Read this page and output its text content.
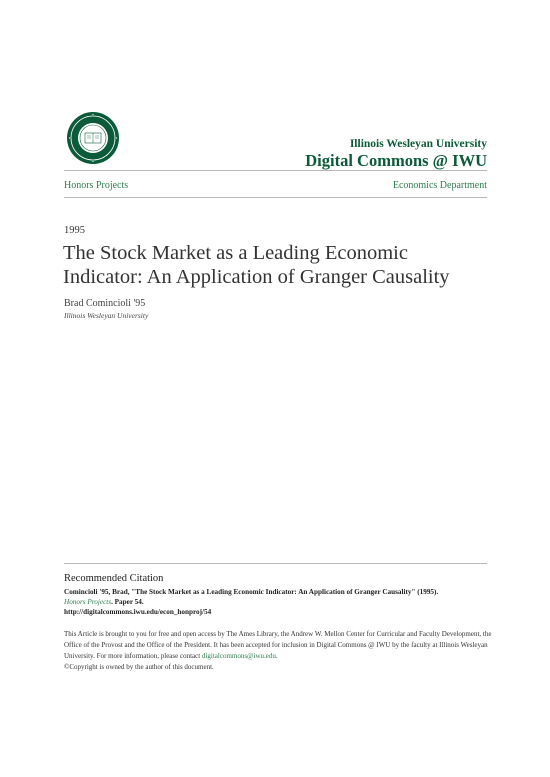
Illinois Wesleyan University
Digital Commons @ IWU
Honors Projects	Economics Department
1995
The Stock Market as a Leading Economic
Indicator: An Application of Granger Causality
Brad Comincioli '95
Illinois Wesleyan University
Recommended Citation
Comincioli '95, Brad, "The Stock Market as a Leading Economic Indicator: An Application of Granger Causality" (1995).
Honors Projects. Paper 54.
http://digitalcommons.iwu.edu/econ_honproj/54
This Article is brought to you for free and open access by The Ames Library, the Andrew W. Mellon Center for Curricular and Faculty Development, the Office of the Provost and the Office of the President. It has been accepted for inclusion in Digital Commons @ IWU by the faculty at Illinois Wesleyan University. For more information, please contact digitalcommons@iwu.edu.
©Copyright is owned by the author of this document.
